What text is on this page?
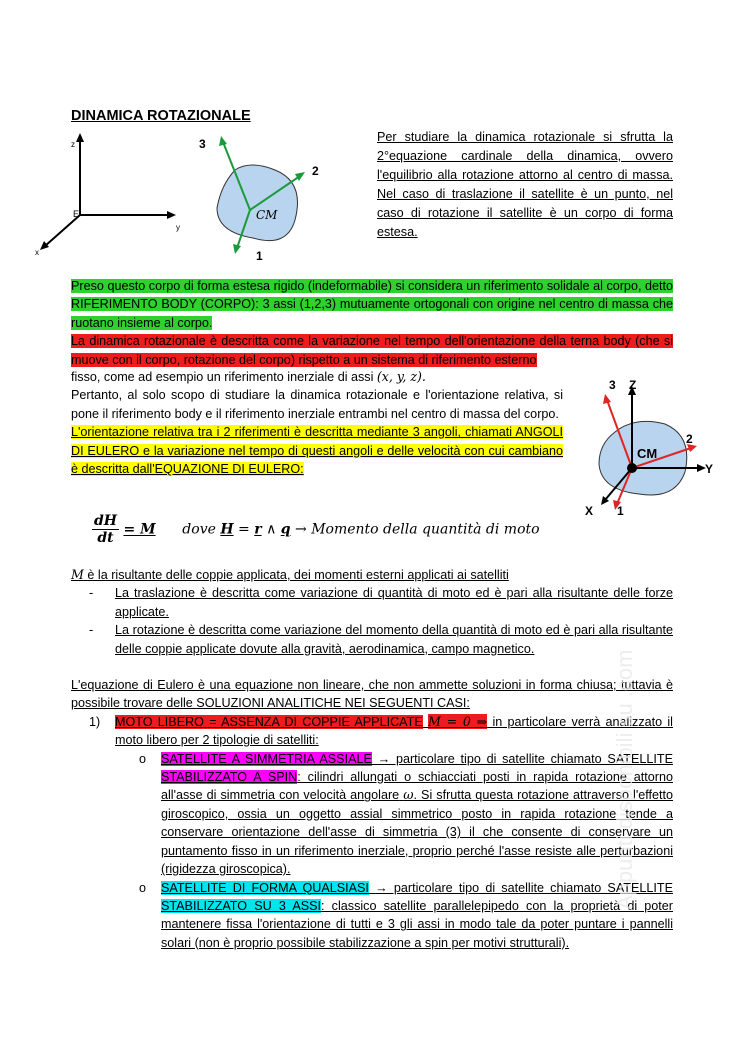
DINAMICA ROTAZIONALE
z
y
x
E
3
2
1
CM
Per studiare la dinamica rotazionale si sfrutta la 2°equazione cardinale della dinamica, ovvero l'equilibrio alla rotazione attorno al centro di massa. Nel caso di traslazione il satellite è un punto, nel caso di rotazione il satellite è un corpo di forma estesa.
Preso questo corpo di forma estesa rigido (indeformabile) si considera un riferimento solidale al corpo, detto RIFERIMENTO BODY (CORPO): 3 assi (1,2,3) mutuamente ortogonali con origine nel centro di massa che ruotano insieme al corpo.
La dinamica rotazionale è descritta come la variazione nel tempo dell'orientazione della terna body (che si muove con il corpo, rotazione del corpo) rispetto a un sistema di riferimento esterno
fisso, come ad esempio un riferimento inerziale di assi (x, y, z).
Pertanto, al solo scopo di studiare la dinamica rotazionale e l'orientazione relativa, si pone il riferimento body e il riferimento inerziale entrambi nel centro di massa del corpo.
L'orientazione relativa tra i 2 riferimenti è descritta mediante 3 angoli, chiamati ANGOLI DI EULERO e la variazione nel tempo di questi angoli e delle velocità con cui cambiano è descritta dall'EQUAZIONE DI EULERO:
3 Z
2
Y
X 1
CM
$\frac{dH}{dt} = M$ dove H = r ∧ q → Momento della quantità di moto
M è la risultante delle coppie applicata, dei momenti esterni applicati ai satelliti
- La traslazione è descritta come variazione di quantità di moto ed è pari alla risultante delle forze applicate.
- La rotazione è descritta come variazione del momento della quantità di moto ed è pari alla risultante delle coppie applicate dovute alla gravità, aerodinamica, campo magnetico.
L'equazione di Eulero è una equazione non lineare, che non ammette soluzioni in forma chiusa; tuttavia è possibile trovare delle SOLUZIONI ANALITICHE NEI SEGUENTI CASI:
1) MOTO LIBERO = ASSENZA DI COPPIE APPLICATE M = 0 ⇒ in particolare verrà analizzato il moto libero per 2 tipologie di satelliti:
o SATELLITE A SIMMETRIA ASSIALE → particolare tipo di satellite chiamato SATELLITE STABILIZZATO A SPIN: cilindri allungati o schiacciati posti in rapida rotazione attorno all'asse di simmetria con velocità angolare ω. Si sfrutta questa rotazione attraverso l'effetto giroscopico, ossia un oggetto assial simmetrico posto in rapida rotazione tende a conservare orientazione dell'asse di simmetria (3) il che consente di conservare un puntamento fisso in un riferimento inerziale, proprio perché l'asse resiste alle perturbazioni (rigidezza giroscopica).
o SATELLITE DI FORMA QUALSIASI → particolare tipo di satellite chiamato SATELLITE STABILIZZATO SU 3 ASSI: classico satellite parallelepipedo con la proprietà di poter mantenere fissa l'orientazione di tutti e 3 gli assi in modo tale da poter puntare i pannelli solari (non è proprio possibile stabilizzazione a spin per motivi strutturali).
Appunti disponibili su .com
